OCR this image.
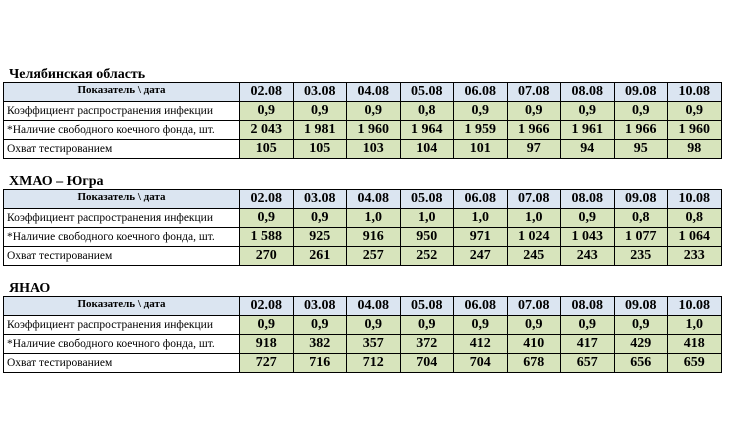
Челябинская область
Показатель \ дата	02.08	03.08	04.08	05.08	06.08	07.08	08.08	09.08	10.08
Коэффициент распространения инфекции	0,9	0,9	0,9	0,8	0,9	0,9	0,9	0,9	0,9
*Наличие свободного коечного фонда, шт.	2 043	1 981	1 960	1 964	1 959	1 966	1 961	1 966	1 960
Охват тестированием	105	105	103	104	101	97	94	95	98
ХМАО – Югра
Показатель \ дата	02.08	03.08	04.08	05.08	06.08	07.08	08.08	09.08	10.08
Коэффициент распространения инфекции	0,9	0,9	1,0	1,0	1,0	1,0	0,9	0,8	0,8
*Наличие свободного коечного фонда, шт.	1 588	925	916	950	971	1 024	1 043	1 077	1 064
Охват тестированием	270	261	257	252	247	245	243	235	233
ЯНАО
Показатель \ дата	02.08	03.08	04.08	05.08	06.08	07.08	08.08	09.08	10.08
Коэффициент распространения инфекции	0,9	0,9	0,9	0,9	0,9	0,9	0,9	0,9	1,0
*Наличие свободного коечного фонда, шт.	918	382	357	372	412	410	417	429	418
Охват тестированием	727	716	712	704	704	678	657	656	659
